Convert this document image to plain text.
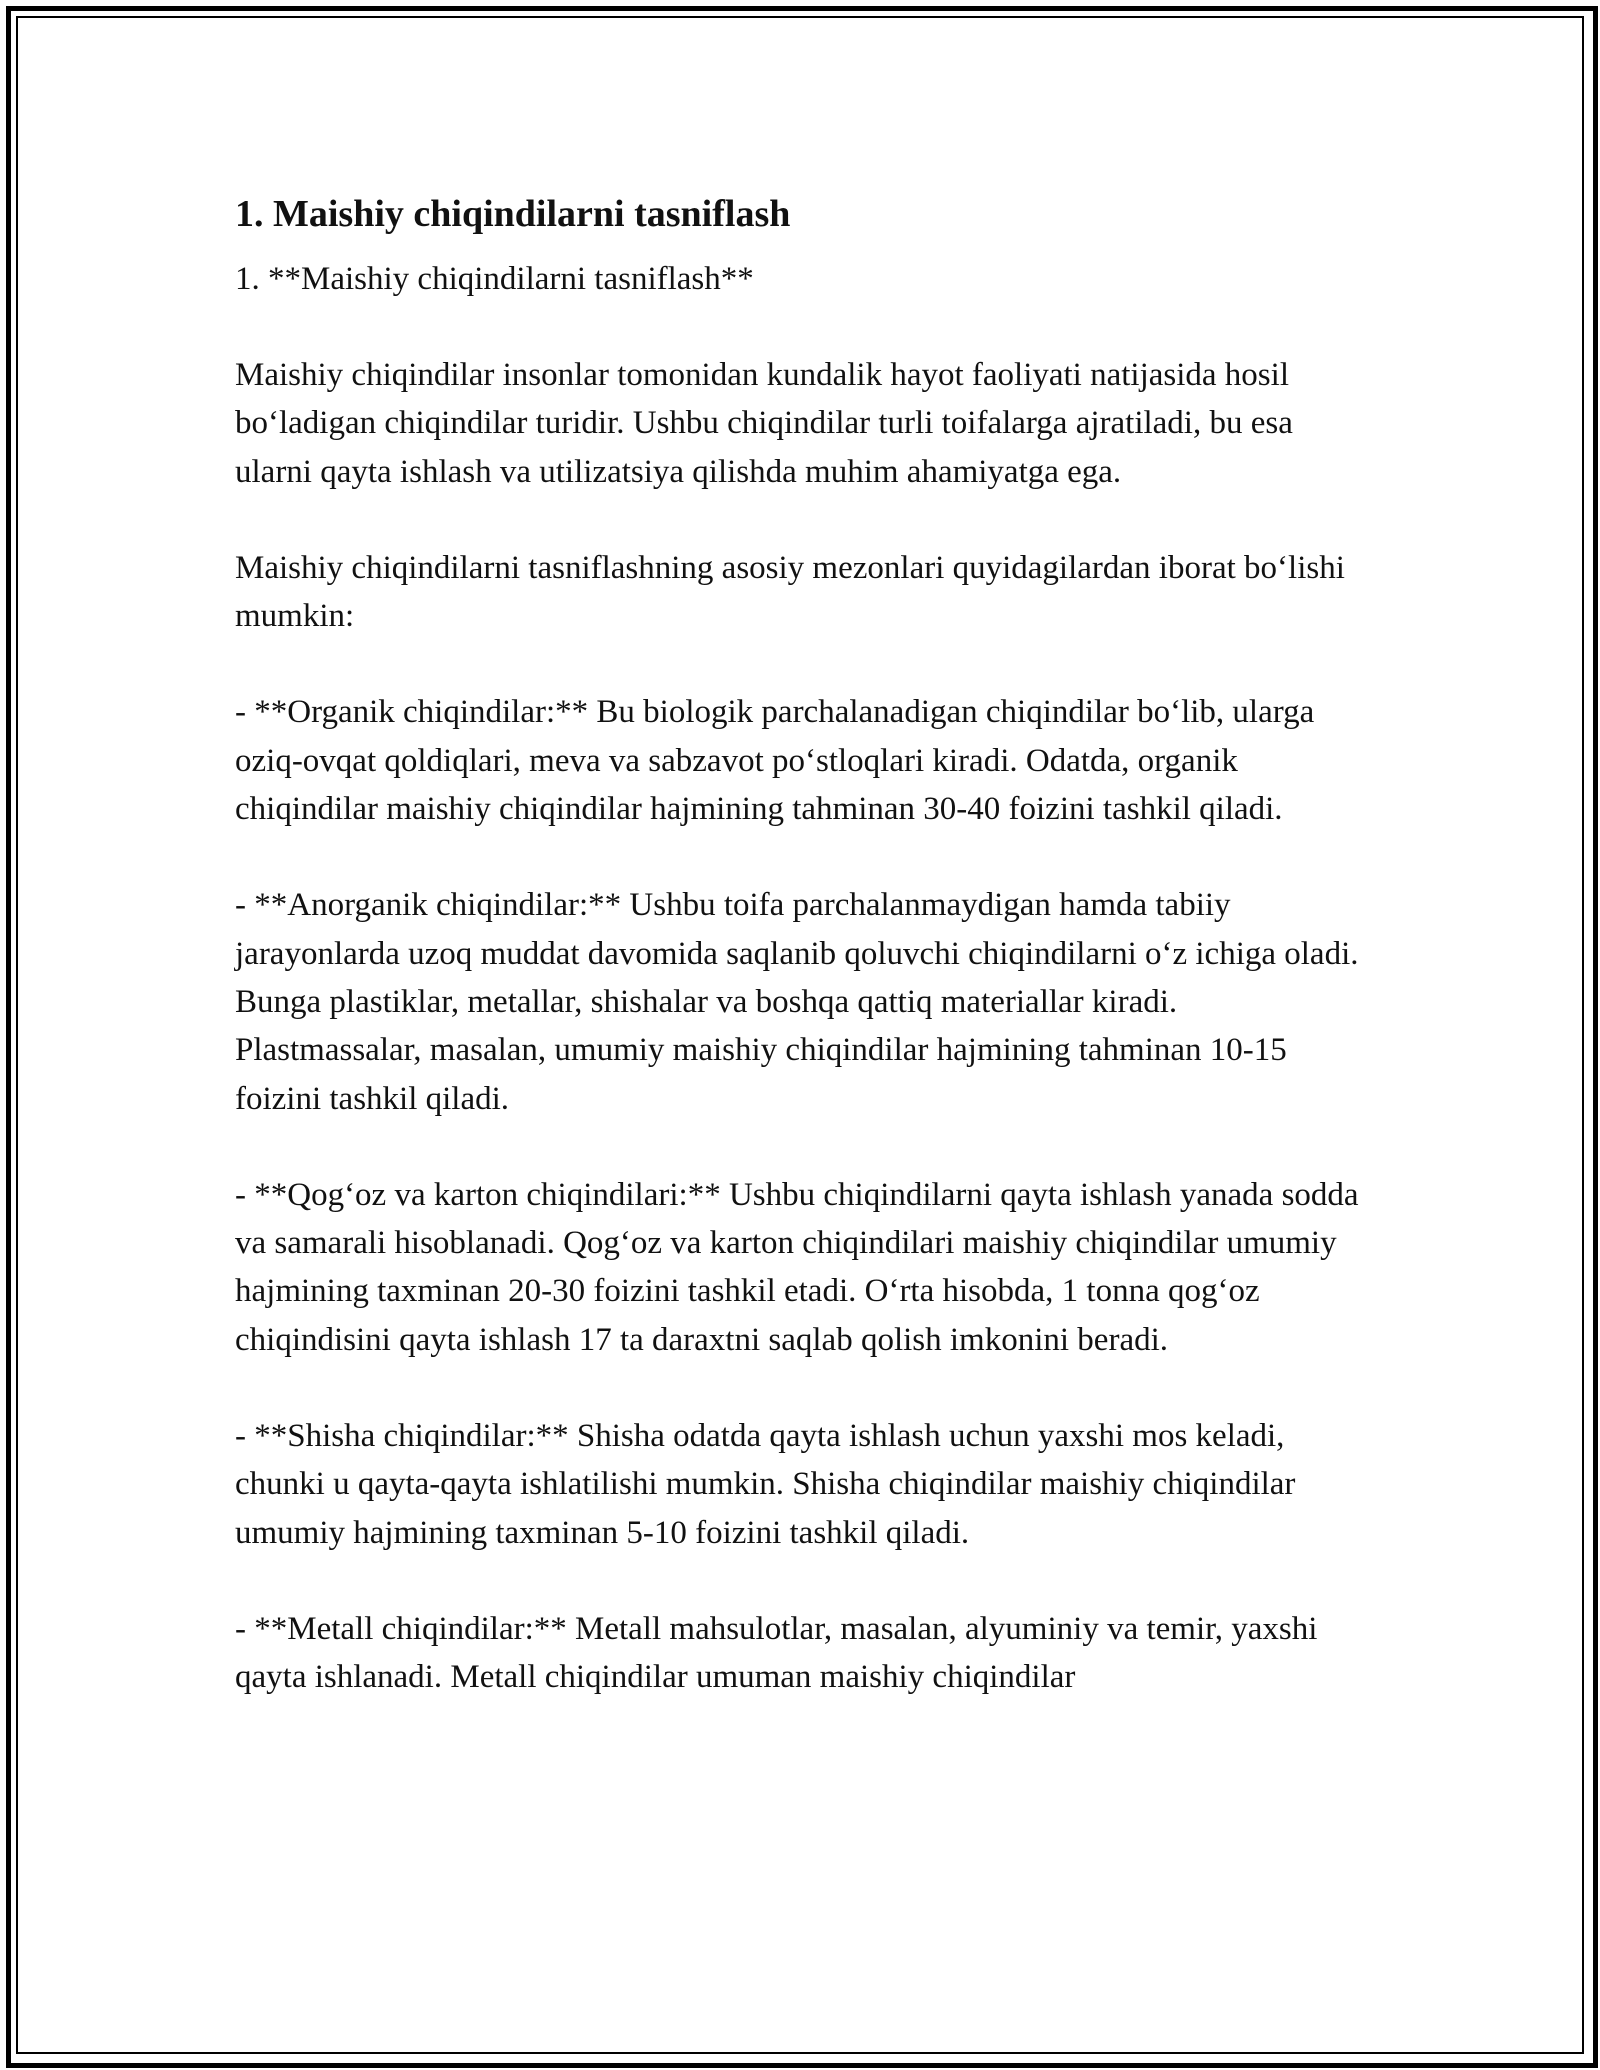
1. Maishiy chiqindilarni tasniflash

1. **Maishiy chiqindilarni tasniflash**

Maishiy chiqindilar insonlar tomonidan kundalik hayot faoliyati natijasida hosil boʻladigan chiqindilar turidir. Ushbu chiqindilar turli toifalarga ajratiladi, bu esa ularni qayta ishlash va utilizatsiya qilishda muhim ahamiyatga ega.

Maishiy chiqindilarni tasniflashning asosiy mezonlari quyidagilardan iborat boʻlishi mumkin:

- **Organik chiqindilar:** Bu biologik parchalanadigan chiqindilar boʻlib, ularga oziq-ovqat qoldiqlari, meva va sabzavot poʻstloqlari kiradi. Odatda, organik chiqindilar maishiy chiqindilar hajmining tahminan 30-40 foizini tashkil qiladi.

- **Anorganik chiqindilar:** Ushbu toifa parchalanmaydigan hamda tabiiy jarayonlarda uzoq muddat davomida saqlanib qoluvchi chiqindilarni oʻz ichiga oladi. Bunga plastiklar, metallar, shishalar va boshqa qattiq materiallar kiradi. Plastmassalar, masalan, umumiy maishiy chiqindilar hajmining tahminan 10-15 foizini tashkil qiladi.

- **Qogʻoz va karton chiqindilari:** Ushbu chiqindilarni qayta ishlash yanada sodda va samarali hisoblanadi. Qogʻoz va karton chiqindilari maishiy chiqindilar umumiy hajmining taxminan 20-30 foizini tashkil etadi. Oʻrta hisobda, 1 tonna qogʻoz chiqindisini qayta ishlash 17 ta daraxtni saqlab qolish imkonini beradi.

- **Shisha chiqindilar:** Shisha odatda qayta ishlash uchun yaxshi mos keladi, chunki u qayta-qayta ishlatilishi mumkin. Shisha chiqindilar maishiy chiqindilar umumiy hajmining taxminan 5-10 foizini tashkil qiladi.

- **Metall chiqindilar:** Metall mahsulotlar, masalan, alyuminiy va temir, yaxshi qayta ishlanadi. Metall chiqindilar umuman maishiy chiqindilar
